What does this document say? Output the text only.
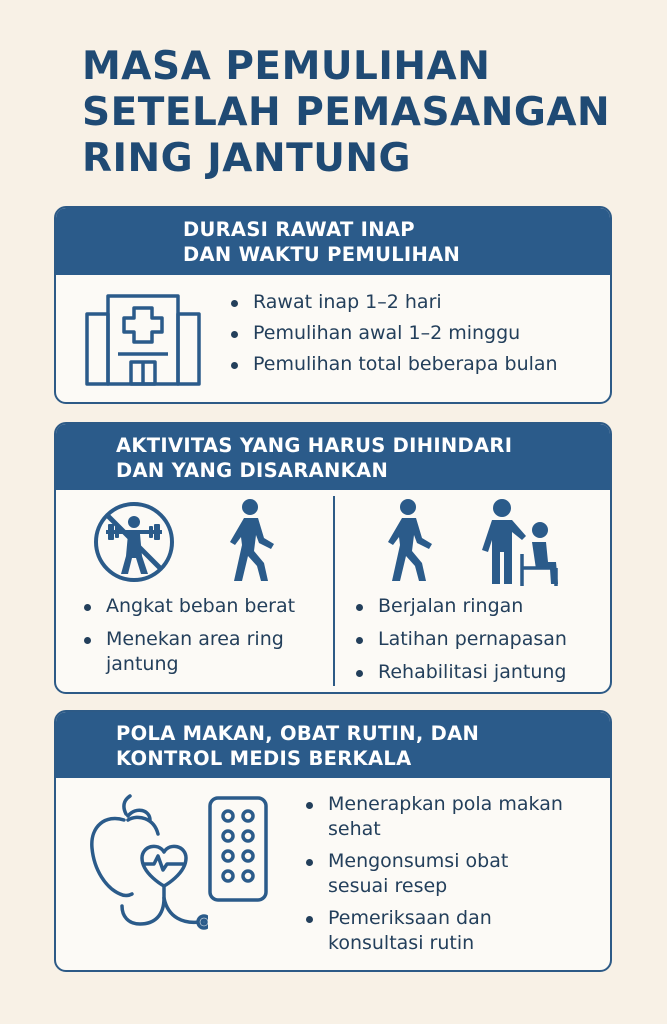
MASA PEMULIHAN
SETELAH PEMASANGAN
RING JANTUNG
DURASI RAWAT INAP
DAN WAKTU PEMULIHAN
Rawat inap 1–2 hari
Pemulihan awal 1–2 minggu
Pemulihan total beberapa bulan
AKTIVITAS YANG HARUS DIHINDARI
DAN YANG DISARANKAN
Angkat beban berat
Menekan area ring
jantung
Berjalan ringan
Latihan pernapasan
Rehabilitasi jantung
POLA MAKAN, OBAT RUTIN, DAN
KONTROL MEDIS BERKALA
Menerapkan pola makan
sehat
Mengonsumsi obat
sesuai resep
Pemeriksaan dan
konsultasi rutin
